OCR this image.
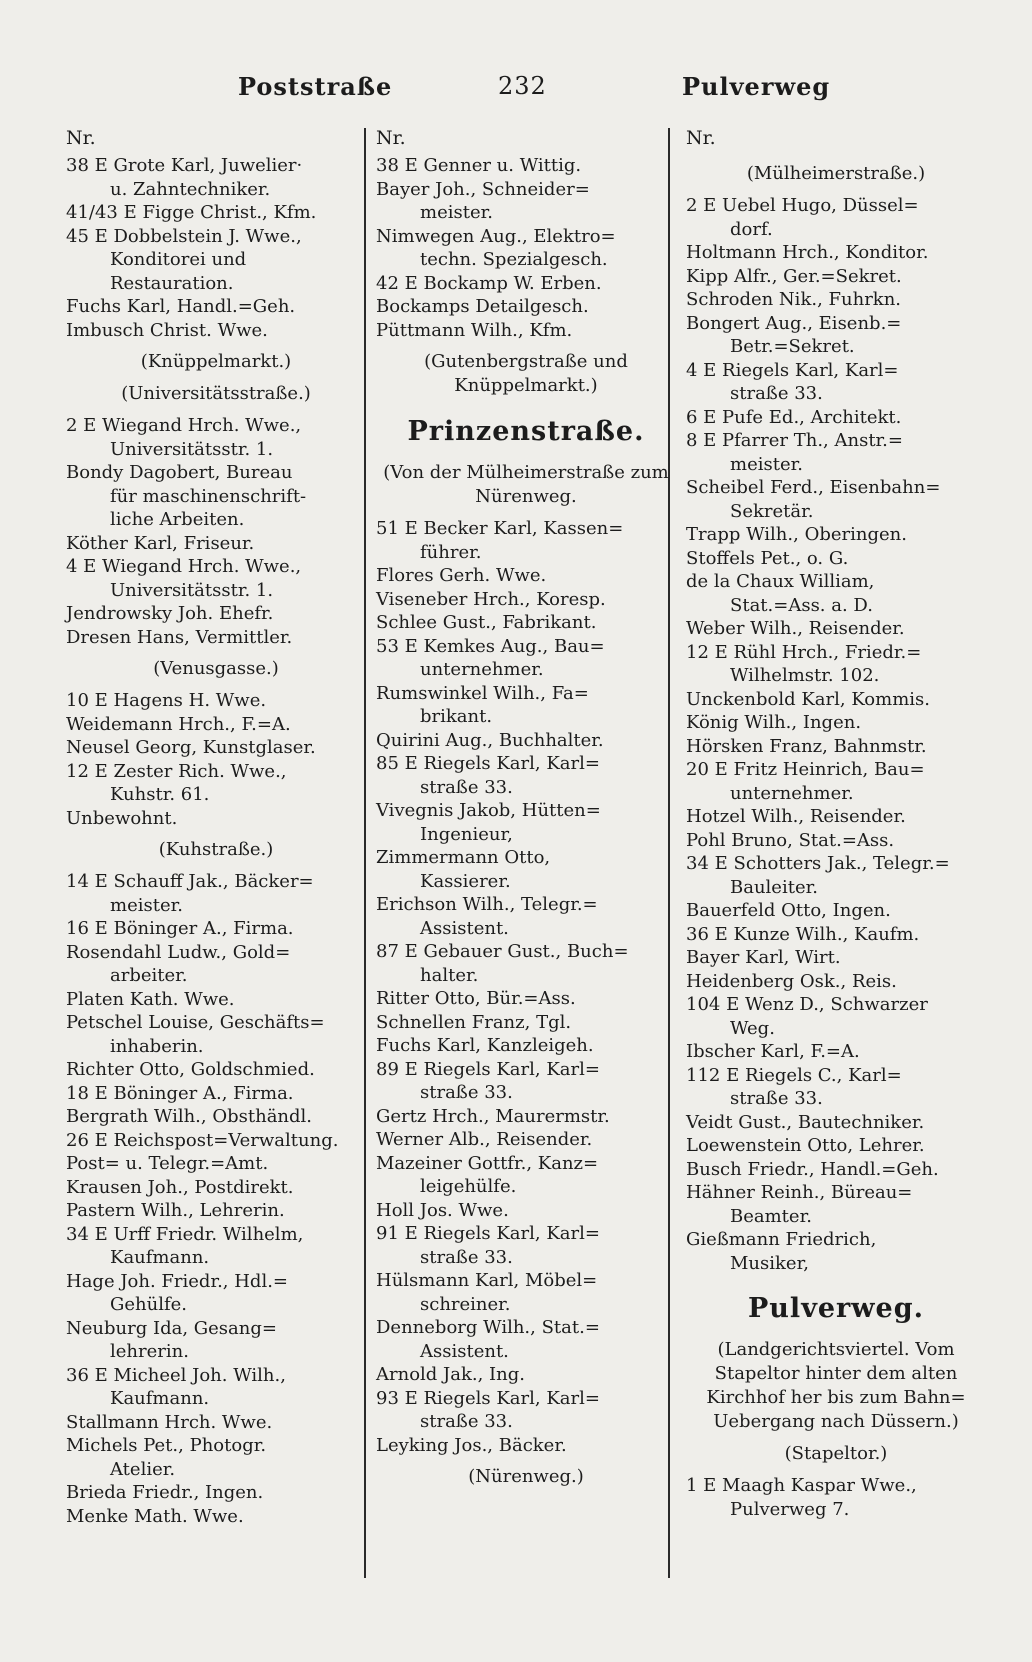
Poststraße	232	Pulverweg
Nr.
38 E Grote Karl, Juwelier·
u. Zahntechniker.
41/43 E Figge Christ., Kfm.
45 E Dobbelstein J. Wwe.,
Konditorei und
Restauration.
Fuchs Karl, Handl.=Geh.
Imbusch Christ. Wwe.
(Knüppelmarkt.)
(Universitätsstraße.)
2 E Wiegand Hrch. Wwe.,
Universitätsstr. 1.
Bondy Dagobert, Bureau
für maschinenschrift-
liche Arbeiten.
Köther Karl, Friseur.
4 E Wiegand Hrch. Wwe.,
Universitätsstr. 1.
Jendrowsky Joh. Ehefr.
Dresen Hans, Vermittler.
(Venusgasse.)
10 E Hagens H. Wwe.
Weidemann Hrch., F.=A.
Neusel Georg, Kunstglaser.
12 E Zester Rich. Wwe.,
Kuhstr. 61.
Unbewohnt.
(Kuhstraße.)
14 E Schauff Jak., Bäcker=
meister.
16 E Böninger A., Firma.
Rosendahl Ludw., Gold=
arbeiter.
Platen Kath. Wwe.
Petschel Louise, Geschäfts=
inhaberin.
Richter Otto, Goldschmied.
18 E Böninger A., Firma.
Bergrath Wilh., Obsthändl.
26 E Reichspost=Verwaltung.
Post= u. Telegr.=Amt.
Krausen Joh., Postdirekt.
Pastern Wilh., Lehrerin.
34 E Urff Friedr. Wilhelm,
Kaufmann.
Hage Joh. Friedr., Hdl.=
Gehülfe.
Neuburg Ida, Gesang=
lehrerin.
36 E Micheel Joh. Wilh.,
Kaufmann.
Stallmann Hrch. Wwe.
Michels Pet., Photogr.
Atelier.
Brieda Friedr., Ingen.
Menke Math. Wwe.
Nr.
38 E Genner u. Wittig.
Bayer Joh., Schneider=
meister.
Nimwegen Aug., Elektro=
techn. Spezialgesch.
42 E Bockamp W. Erben.
Bockamps Detailgesch.
Püttmann Wilh., Kfm.
(Gutenbergstraße und Knüppelmarkt.)
Prinzenstraße.
(Von der Mülheimerstraße zum Nürenweg.
51 E Becker Karl, Kassen=
führer.
Flores Gerh. Wwe.
Viseneber Hrch., Koresp.
Schlee Gust., Fabrikant.
53 E Kemkes Aug., Bau=
unternehmer.
Rumswinkel Wilh., Fa=
brikant.
Quirini Aug., Buchhalter.
85 E Riegels Karl, Karl=
straße 33.
Vivegnis Jakob, Hütten=
Ingenieur,
Zimmermann Otto,
Kassierer.
Erichson Wilh., Telegr.=
Assistent.
87 E Gebauer Gust., Buch=
halter.
Ritter Otto, Bür.=Ass.
Schnellen Franz, Tgl.
Fuchs Karl, Kanzleigeh.
89 E Riegels Karl, Karl=
straße 33.
Gertz Hrch., Maurermstr.
Werner Alb., Reisender.
Mazeiner Gottfr., Kanz=
leigehülfe.
Holl Jos. Wwe.
91 E Riegels Karl, Karl=
straße 33.
Hülsmann Karl, Möbel=
schreiner.
Denneborg Wilh., Stat.=
Assistent.
Arnold Jak., Ing.
93 E Riegels Karl, Karl=
straße 33.
Leyking Jos., Bäcker.
(Nürenweg.)
Nr.
(Mülheimerstraße.)
2 E Uebel Hugo, Düssel=
dorf.
Holtmann Hrch., Konditor.
Kipp Alfr., Ger.=Sekret.
Schroden Nik., Fuhrkn.
Bongert Aug., Eisenb.=
Betr.=Sekret.
4 E Riegels Karl, Karl=
straße 33.
6 E Pufe Ed., Architekt.
8 E Pfarrer Th., Anstr.=
meister.
Scheibel Ferd., Eisenbahn=
Sekretär.
Trapp Wilh., Oberingen.
Stoffels Pet., o. G.
de la Chaux William,
Stat.=Ass. a. D.
Weber Wilh., Reisender.
12 E Rühl Hrch., Friedr.=
Wilhelmstr. 102.
Unckenbold Karl, Kommis.
König Wilh., Ingen.
Hörsken Franz, Bahnmstr.
20 E Fritz Heinrich, Bau=
unternehmer.
Hotzel Wilh., Reisender.
Pohl Bruno, Stat.=Ass.
34 E Schotters Jak., Telegr.=
Bauleiter.
Bauerfeld Otto, Ingen.
36 E Kunze Wilh., Kaufm.
Bayer Karl, Wirt.
Heidenberg Osk., Reis.
104 E Wenz D., Schwarzer
Weg.
Ibscher Karl, F.=A.
112 E Riegels C., Karl=
straße 33.
Veidt Gust., Bautechniker.
Loewenstein Otto, Lehrer.
Busch Friedr., Handl.=Geh.
Hähner Reinh., Büreau=
Beamter.
Gießmann Friedrich,
Musiker,
Pulverweg.
(Landgerichtsviertel. Vom Stapeltor hinter dem alten Kirchhof her bis zum Bahn= Uebergang nach Düssern.)
(Stapeltor.)
1 E Maagh Kaspar Wwe.,
Pulverweg 7.
